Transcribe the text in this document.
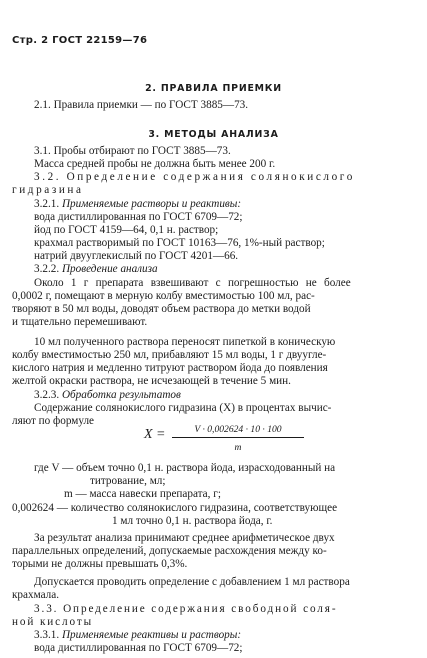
Стр. 2 ГОСТ 22159—76
2. ПРАВИЛА ПРИЕМКИ
2.1. Правила приемки — по ГОСТ 3885—73.
3. МЕТОДЫ АНАЛИЗА
3.1. Пробы отбирают по ГОСТ 3885—73.
Масса средней пробы не должна быть менее 200 г.
3.2. Определение содержания солянокислого
гидразина
3.2.1. Применяемые растворы и реактивы:
вода дистиллированная по ГОСТ 6709—72;
йод по ГОСТ 4159—64, 0,1 н. раствор;
крахмал растворимый по ГОСТ 10163—76, 1%-ный раствор;
натрий двууглекислый по ГОСТ 4201—66.
3.2.2. Проведение анализа
Около 1 г препарата взвешивают с погрешностью не более
0,0002 г, помещают в мерную колбу вместимостью 100 мл, рас-
творяют в 50 мл воды, доводят объем раствора до метки водой
и тщательно перемешивают.
10 мл полученного раствора переносят пипеткой в коническую
колбу вместимостью 250 мл, прибавляют 15 мл воды, 1 г двуугле-
кислого натрия и медленно титруют раствором йода до появления
желтой окраски раствора, не исчезающей в течение 5 мин.
3.2.3. Обработка результатов
Содержание солянокислого гидразина (X) в процентах вычис-
ляют по формуле
X =	V · 0,002624 · 10 · 100
m
где V — объем точно 0,1 н. раствора йода, израсходованный на
титрование, мл;
m — масса навески препарата, г;
0,002624 — количество солянокислого гидразина, соответствующее
1 мл точно 0,1 н. раствора йода, г.
За результат анализа принимают среднее арифметическое двух
параллельных определений, допускаемые расхождения между ко-
торыми не должны превышать 0,3%.
Допускается проводить определение с добавлением 1 мл раствора
крахмала.
3.3. Определение содержания свободной соля-
ной кислоты
3.3.1. Применяемые реактивы и растворы:
вода дистиллированная по ГОСТ 6709—72;
